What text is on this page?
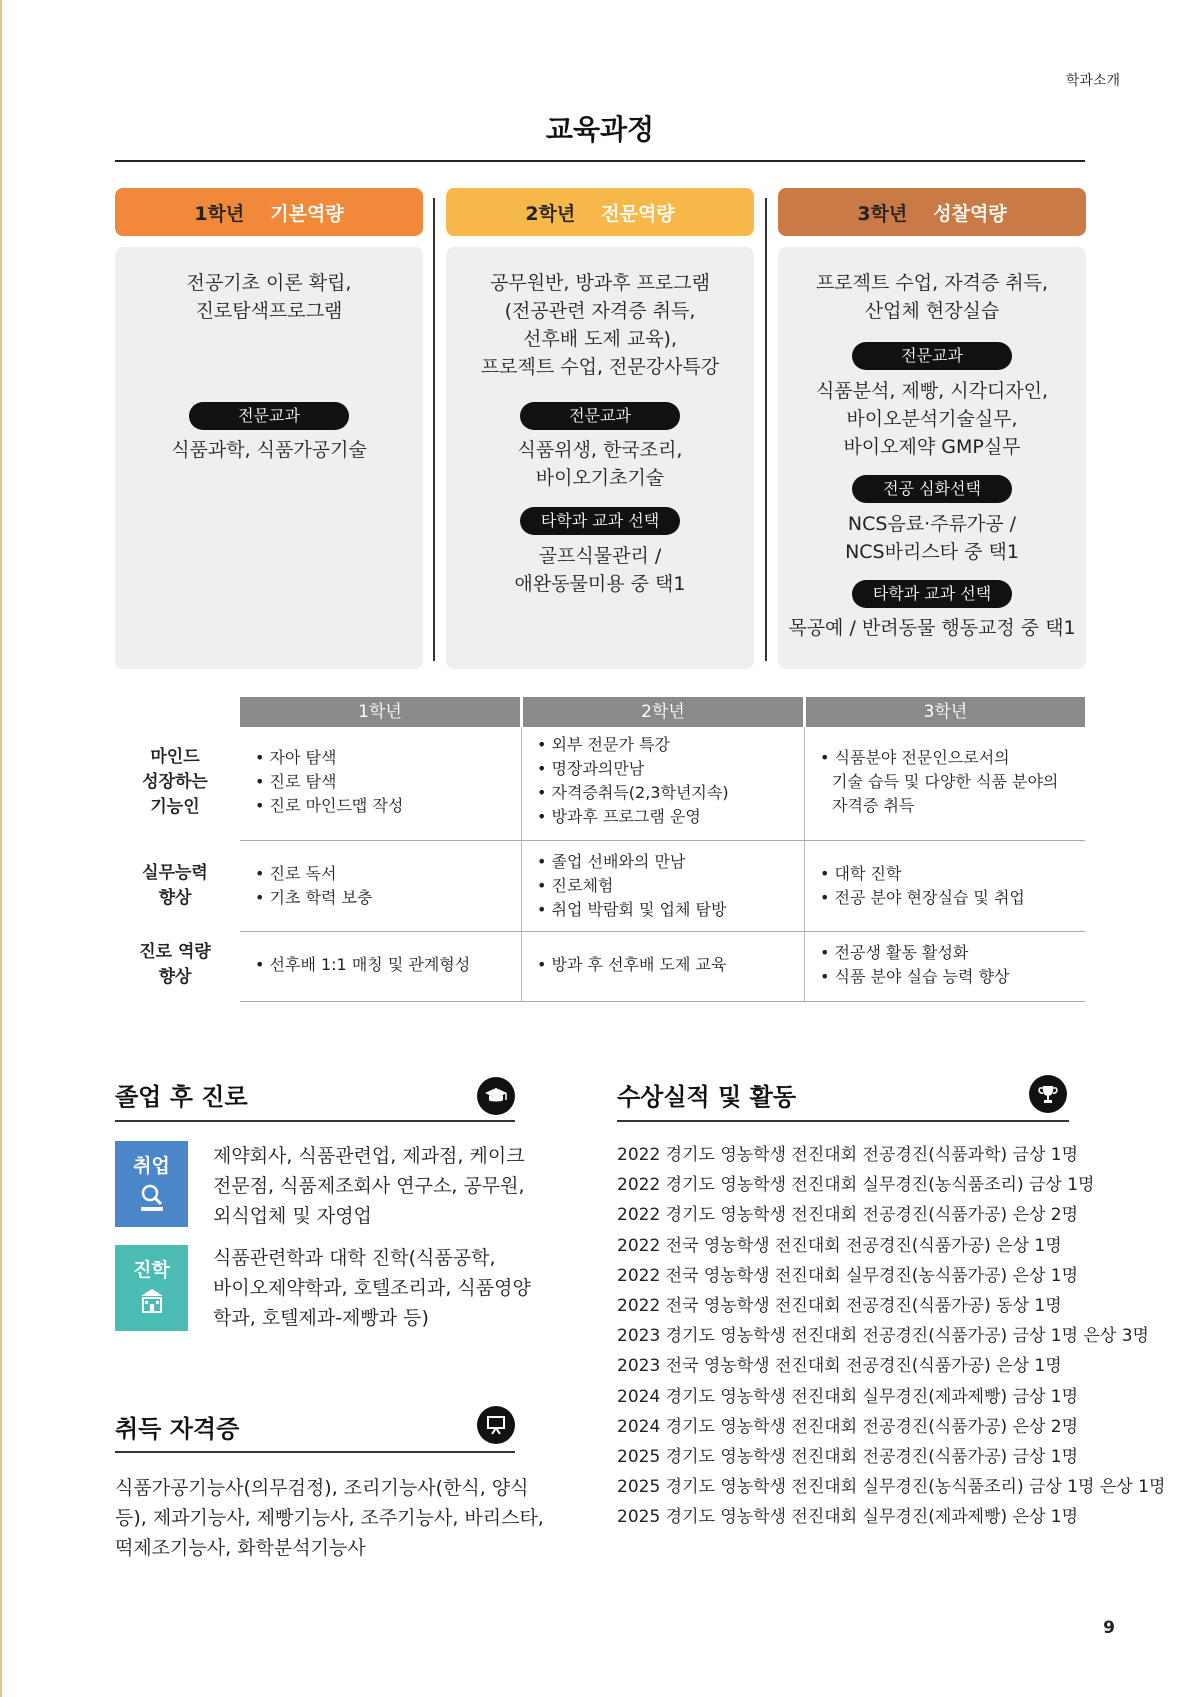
학과소개
교육과정
1학년 기본역량	2학년 전문역량	3학년 성찰역량
전공기초 이론 확립,
진로탐색프로그램
전문교과
식품과학, 식품가공기술
공무원반, 방과후 프로그램
(전공관련 자격증 취득,
선후배 도제 교육),
프로젝트 수업, 전문강사특강
전문교과
식품위생, 한국조리,
바이오기초기술
타학과 교과 선택
골프식물관리 /
애완동물미용 중 택1
프로젝트 수업, 자격증 취득,
산업체 현장실습
전문교과
식품분석, 제빵, 시각디자인,
바이오분석기술실무,
바이오제약 GMP실무
전공 심화선택
NCS음료·주류가공 /
NCS바리스타 중 택1
타학과 교과 선택
목공예 / 반려동물 행동교정 중 택1
1학년	2학년	3학년
마인드
성장하는
기능인
• 자아 탐색
• 진로 탐색
• 진로 마인드맵 작성
• 외부 전문가 특강
• 명장과의만남
• 자격증취득(2,3학년지속)
• 방과후 프로그램 운영
• 식품분야 전문인으로서의
기술 습득 및 다양한 식품 분야의
자격증 취득
실무능력
향상
• 진로 독서
• 기초 학력 보충
• 졸업 선배와의 만남
• 진로체험
• 취업 박람회 및 업체 탐방
• 대학 진학
• 전공 분야 현장실습 및 취업
진로 역량
향상
• 선후배 1:1 매칭 및 관계형성
•	방과 후 선후배 도제 교육
• 전공생 활동 활성화
• 식품 분야 실습 능력 향상
졸업 후 진로
취업	제약회사, 식품관련업, 제과점, 케이크
전문점, 식품제조회사 연구소, 공무원,
외식업체 및 자영업
진학
식품관련학과 대학 진학(식품공학,
바이오제약학과, 호텔조리과, 식품영양
학과, 호텔제과-제빵과 등)
취득 자격증
식품가공기능사(의무검정), 조리기능사(한식, 양식
등), 제과기능사, 제빵기능사, 조주기능사, 바리스타,
떡제조기능사, 화학분석기능사
수상실적 및 활동
2022 경기도 영농학생 전진대회 전공경진(식품과학) 금상 1명
2022 경기도 영농학생 전진대회 실무경진(농식품조리) 금상 1명
2022 경기도 영농학생 전진대회 전공경진(식품가공) 은상 2명
2022 전국 영농학생 전진대회 전공경진(식품가공) 은상 1명
2022 전국 영농학생 전진대회 실무경진(농식품가공) 은상 1명
2022 전국 영농학생 전진대회 전공경진(식품가공) 동상 1명
2023 경기도 영농학생 전진대회 전공경진(식품가공) 금상 1명 은상 3명
2023 전국 영농학생 전진대회 전공경진(식품가공) 은상 1명
2024 경기도 영농학생 전진대회 실무경진(제과제빵) 금상 1명
2024 경기도 영농학생 전진대회 전공경진(식품가공) 은상 2명
2025 경기도 영농학생 전진대회 전공경진(식품가공) 금상 1명
2025 경기도 영농학생 전진대회 실무경진(농식품조리) 금상 1명 은상 1명
2025 경기도 영농학생 전진대회 실무경진(제과제빵) 은상 1명
9
